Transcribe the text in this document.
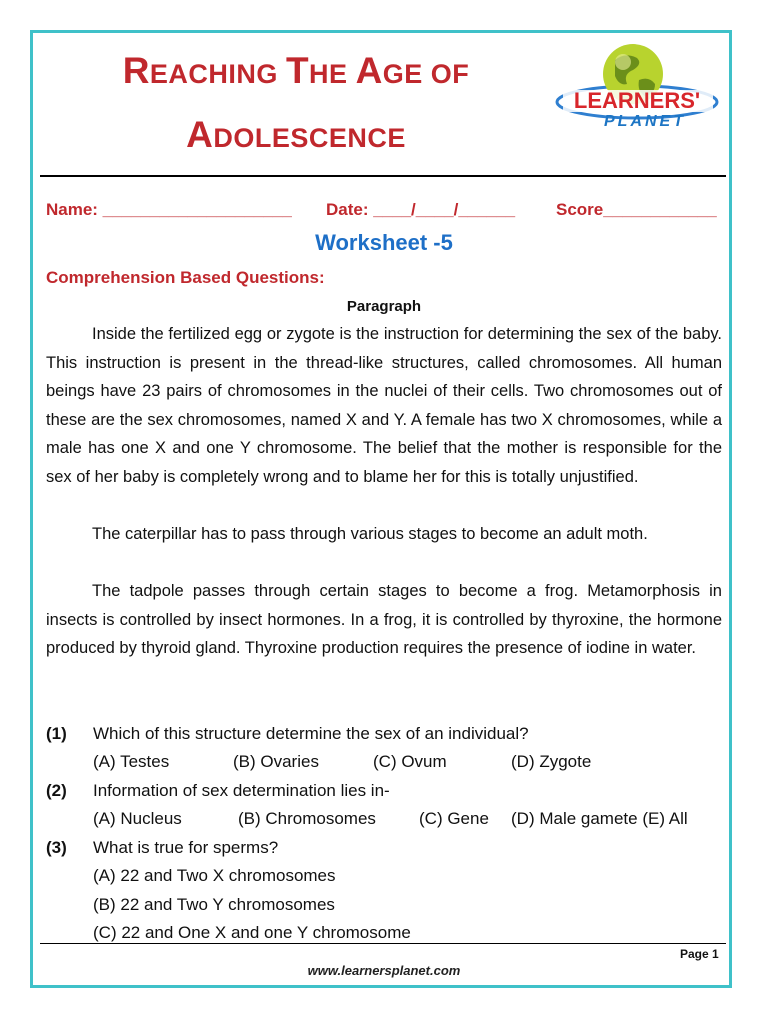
REACHING THE AGE OF
ADOLESCENCE
LEARNERS'
PLANET
Name: ____________________ Date: ____/____/______ Score____________
Worksheet -5
Comprehension Based Questions:
Paragraph

Inside the fertilized egg or zygote is the instruction for determining the sex of the baby. This instruction is present in the thread-like structures, called chromosomes. All human beings have 23 pairs of chromosomes in the nuclei of their cells. Two chromosomes out of these are the sex chromosomes, named X and Y. A female has two X chromosomes, while a male has one X and one Y chromosome. The belief that the mother is responsible for the sex of her baby is completely wrong and to blame her for this is totally unjustified.

The caterpillar has to pass through various stages to become an adult moth.

The tadpole passes through certain stages to become a frog. Metamorphosis in insects is controlled by insect hormones. In a frog, it is controlled by thyroxine, the hormone produced by thyroid gland. Thyroxine production requires the presence of iodine in water.

(1) Which of this structure determine the sex of an individual?
(A) Testes	(B) Ovaries	(C) Ovum	(D) Zygote
(2) Information of sex determination lies in-
(A) Nucleus	(B) Chromosomes	(C) Gene (D) Male gamete (E) All
(3) What is true for sperms?
(A) 22 and Two X chromosomes
(B) 22 and Two Y chromosomes
(C) 22 and One X and one Y chromosome
Page 1
www.learnersplanet.com
